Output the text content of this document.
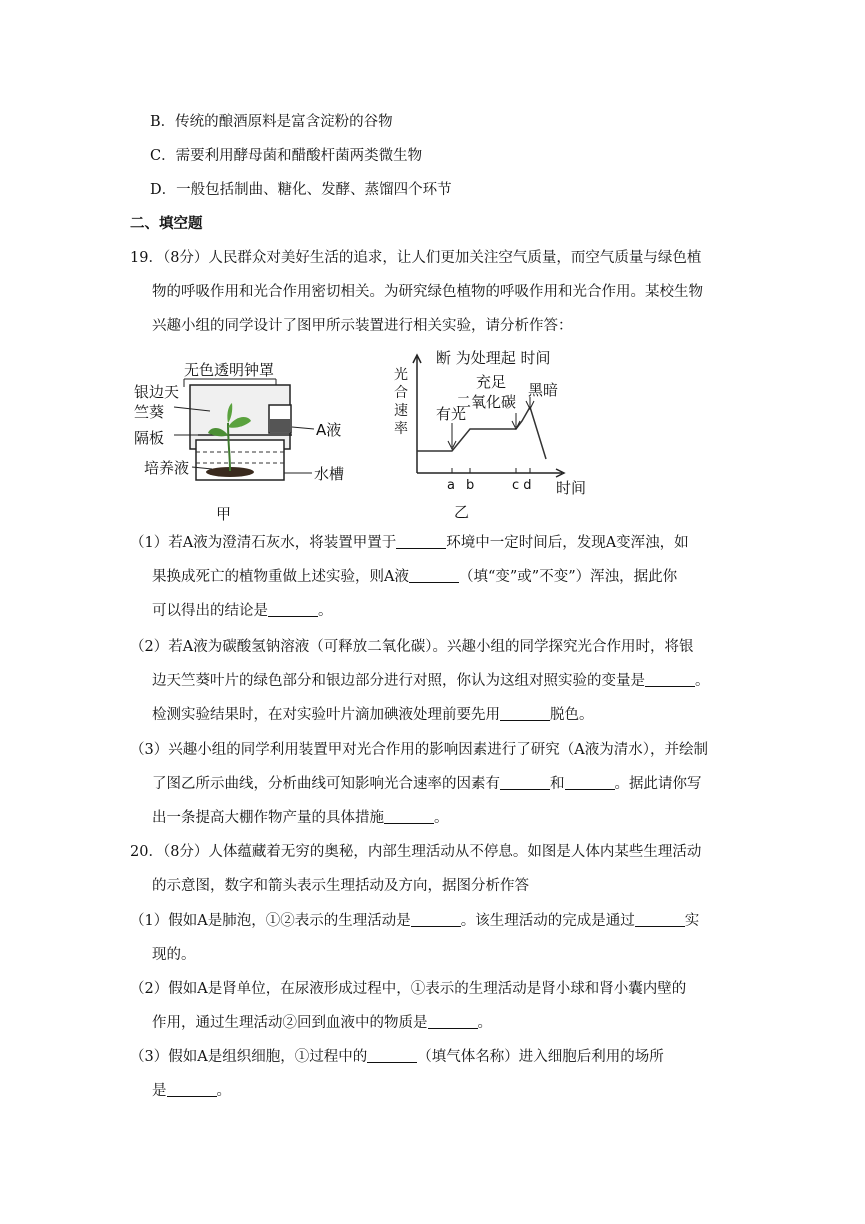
B．传统的酿酒原料是富含淀粉的谷物
C．需要利用酵母菌和醋酸杆菌两类微生物
D．一般包括制曲、糖化、发酵、蒸馏四个环节
二、填空题
19．（8分）人民群众对美好生活的追求，让人们更加关注空气质量，而空气质量与绿色植
物的呼吸作用和光合作用密切相关。为研究绿色植物的呼吸作用和光合作用。某校生物
兴趣小组的同学设计了图甲所示装置进行相关实验，请分析作答：
无色透明钟罩
银边天
竺葵
隔板	A液
培养液	水槽
甲
断 为处理起 时间
光
合
速
率
有光
充足
二氧化碳
黑暗
a b	c d 时间
乙
（1）若A液为澄清石灰水，将装置甲置于	环境中一定时间后，发现A变浑浊，如
果换成死亡的植物重做上述实验，则A液	（填“变”或”不变”）浑浊，据此你
可以得出的结论是	。
（2）若A液为碳酸氢钠溶液（可释放二氧化碳）。兴趣小组的同学探究光合作用时，将银
边天竺葵叶片的绿色部分和银边部分进行对照，你认为这组对照实验的变量是	。
检测实验结果时，在对实验叶片滴加碘液处理前要先用	脱色。
（3）兴趣小组的同学利用装置甲对光合作用的影响因素进行了研究（A液为清水），并绘制
了图乙所示曲线，分析曲线可知影响光合速率的因素有	和	。据此请你写
出一条提高大棚作物产量的具体措施	。
20．（8分）人体蕴藏着无穷的奥秘，内部生理活动从不停息。如图是人体内某些生理活动
的示意图，数字和箭头表示生理括动及方向，据图分析作答
（1）假如A是肺泡，①②表示的生理活动是	。该生理活动的完成是通过	实
现的。
（2）假如A是肾单位，在尿液形成过程中，①表示的生理活动是肾小球和肾小囊内壁的
作用，通过生理活动②回到血液中的物质是	。
（3）假如A是组织细胞，①过程中的	（填气体名称）进入细胞后利用的场所
是	。
